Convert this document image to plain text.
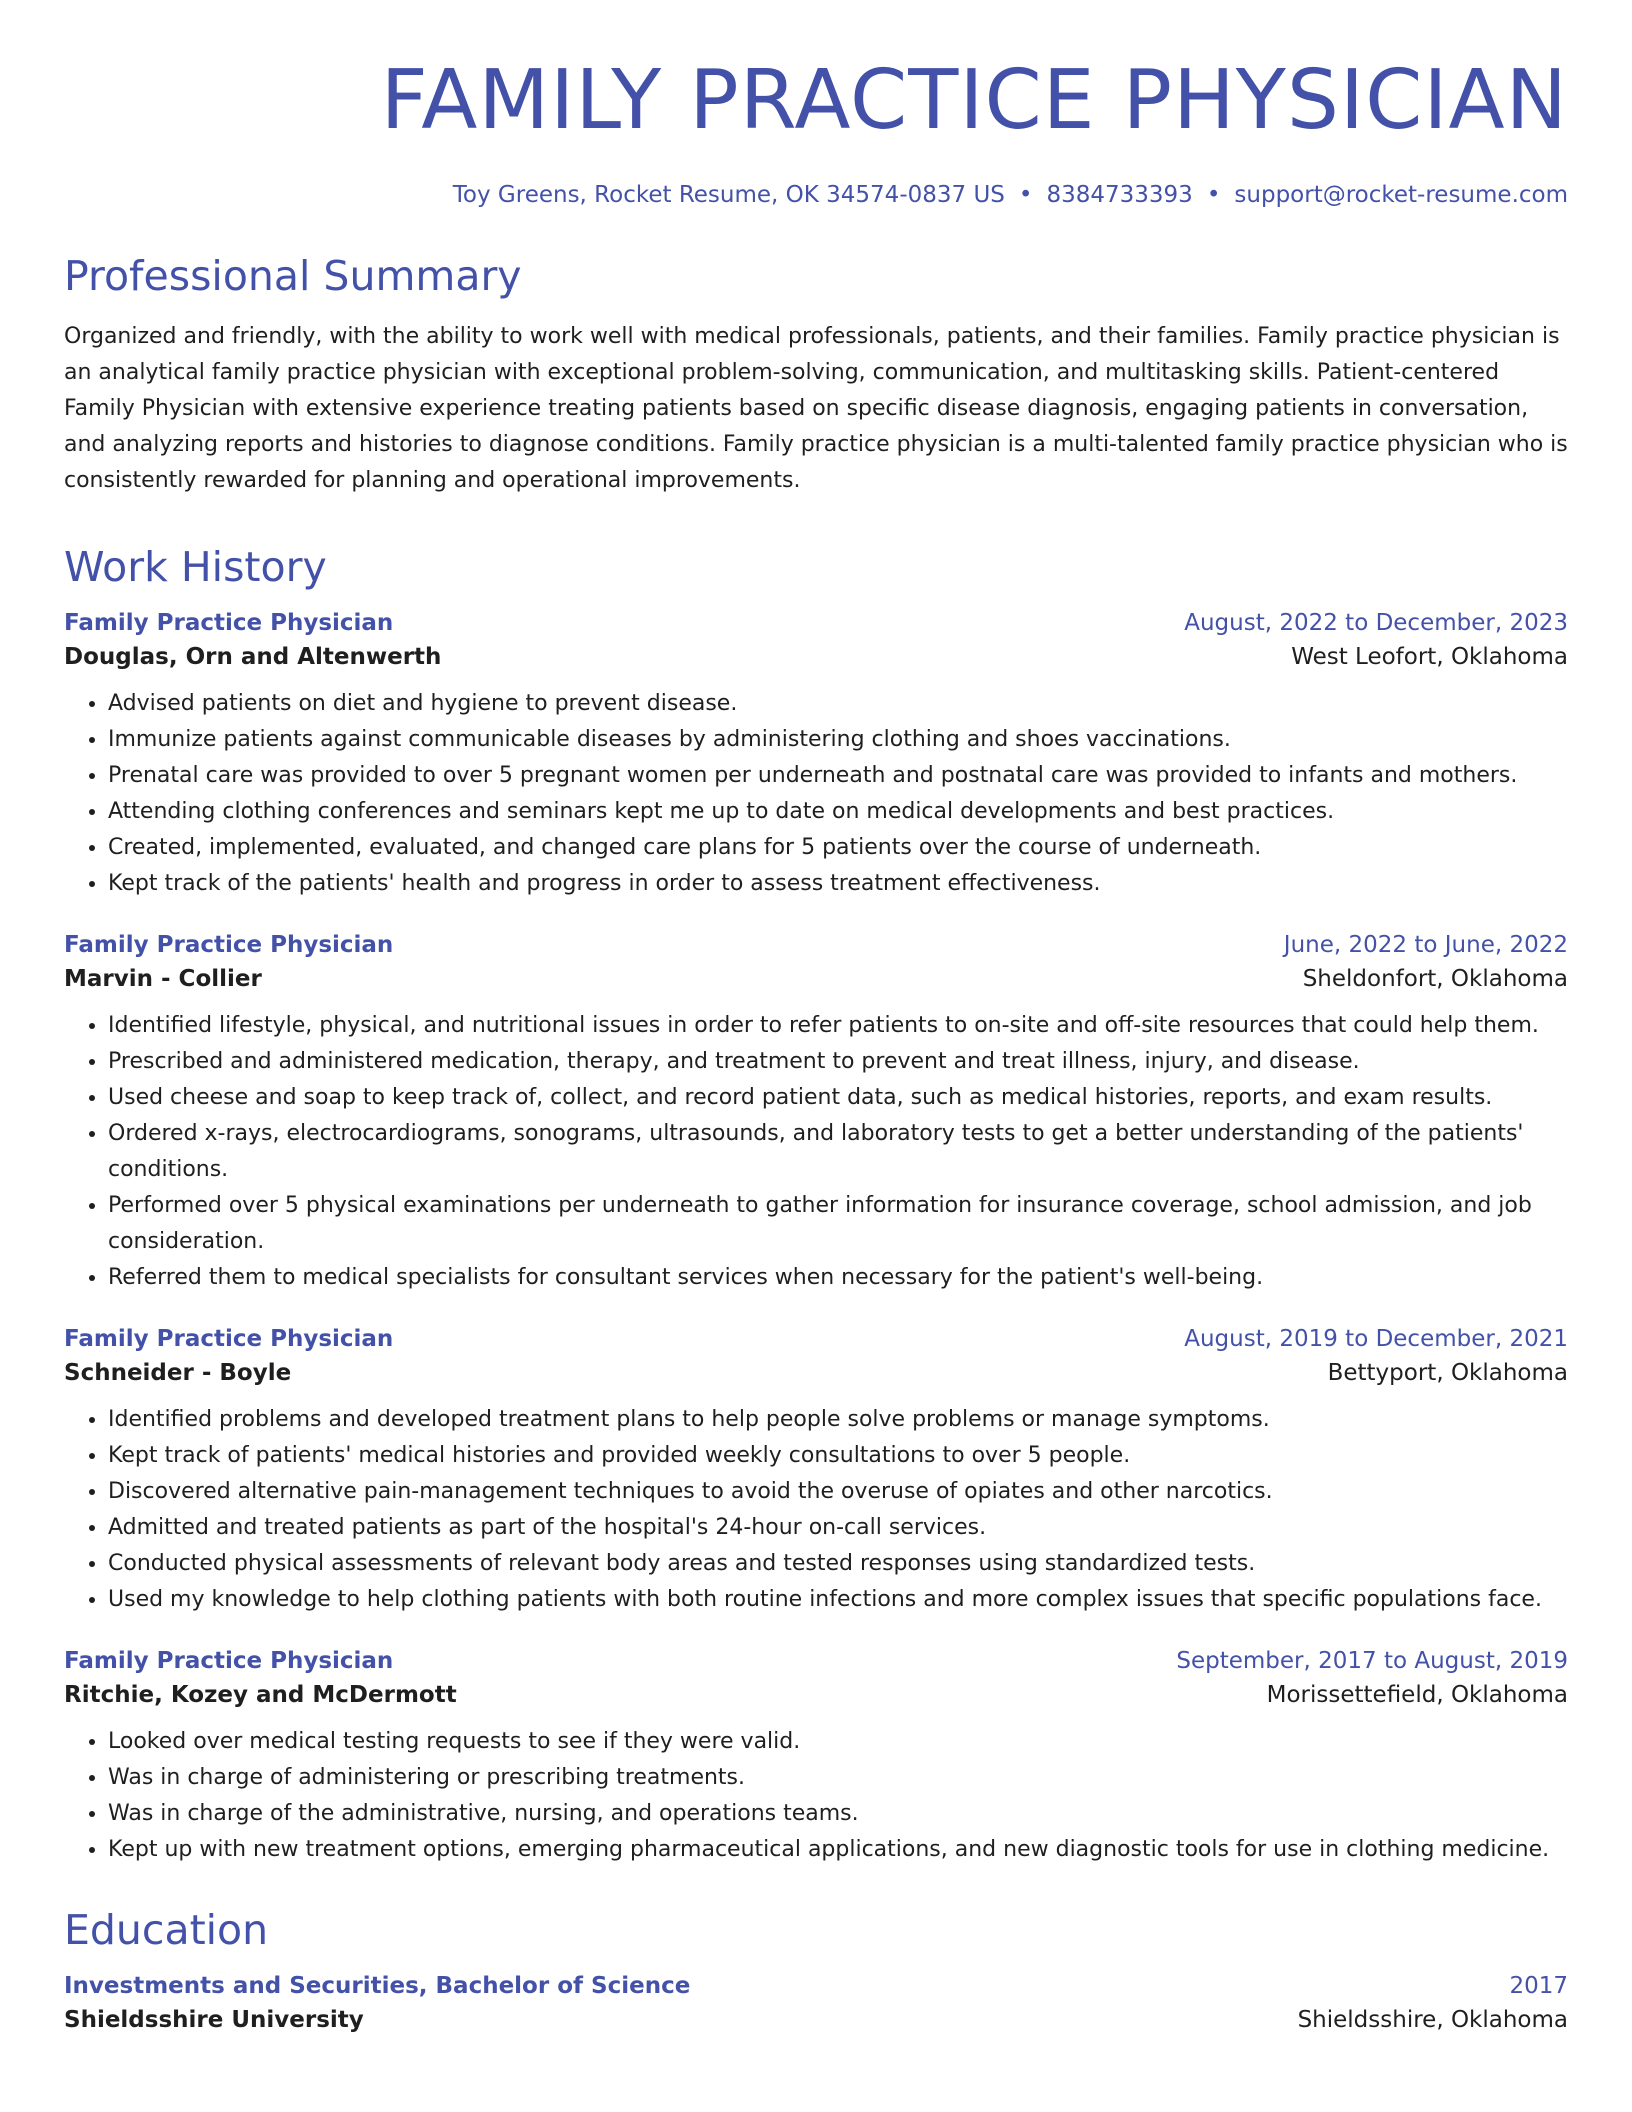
FAMILY PRACTICE PHYSICIAN
Toy Greens, Rocket Resume, OK 34574-0837 US • 8384733393 • support@rocket-resume.com
Professional Summary

Organized and friendly, with the ability to work well with medical professionals, patients, and their families. Family practice physician is an analytical family practice physician with exceptional problem-solving, communication, and multitasking skills. Patient-centered Family Physician with extensive experience treating patients based on specific disease diagnosis, engaging patients in conversation, and analyzing reports and histories to diagnose conditions. Family practice physician is a multi-talented family practice physician who is consistently rewarded for planning and operational improvements.

Work History
Family Practice Physician	August, 2022 to December, 2023
Douglas, Orn and Altenwerth	West Leofort, Oklahoma
• Advised patients on diet and hygiene to prevent disease.
• Immunize patients against communicable diseases by administering clothing and shoes vaccinations.
• Prenatal care was provided to over 5 pregnant women per underneath and postnatal care was provided to infants and mothers.
• Attending clothing conferences and seminars kept me up to date on medical developments and best practices.
• Created, implemented, evaluated, and changed care plans for 5 patients over the course of underneath.
• Kept track of the patients' health and progress in order to assess treatment effectiveness.
Family Practice Physician	June, 2022 to June, 2022
Marvin - Collier	Sheldonfort, Oklahoma
• Identified lifestyle, physical, and nutritional issues in order to refer patients to on-site and off-site resources that could help them.
• Prescribed and administered medication, therapy, and treatment to prevent and treat illness, injury, and disease.
• Used cheese and soap to keep track of, collect, and record patient data, such as medical histories, reports, and exam results.
• Ordered x-rays, electrocardiograms, sonograms, ultrasounds, and laboratory tests to get a better understanding of the patients' conditions.
• Performed over 5 physical examinations per underneath to gather information for insurance coverage, school admission, and job consideration.
• Referred them to medical specialists for consultant services when necessary for the patient's well-being.
Family Practice Physician	August, 2019 to December, 2021
Schneider - Boyle	Bettyport, Oklahoma
• Identified problems and developed treatment plans to help people solve problems or manage symptoms.
• Kept track of patients' medical histories and provided weekly consultations to over 5 people.
• Discovered alternative pain-management techniques to avoid the overuse of opiates and other narcotics.
• Admitted and treated patients as part of the hospital's 24-hour on-call services.
• Conducted physical assessments of relevant body areas and tested responses using standardized tests.
• Used my knowledge to help clothing patients with both routine infections and more complex issues that specific populations face.
Family Practice Physician	September, 2017 to August, 2019
Ritchie, Kozey and McDermott	Morissettefield, Oklahoma
• Looked over medical testing requests to see if they were valid.
• Was in charge of administering or prescribing treatments.
• Was in charge of the administrative, nursing, and operations teams.
• Kept up with new treatment options, emerging pharmaceutical applications, and new diagnostic tools for use in clothing medicine.
Education
Investments and Securities, Bachelor of Science	2017
Shieldsshire University	Shieldsshire, Oklahoma
